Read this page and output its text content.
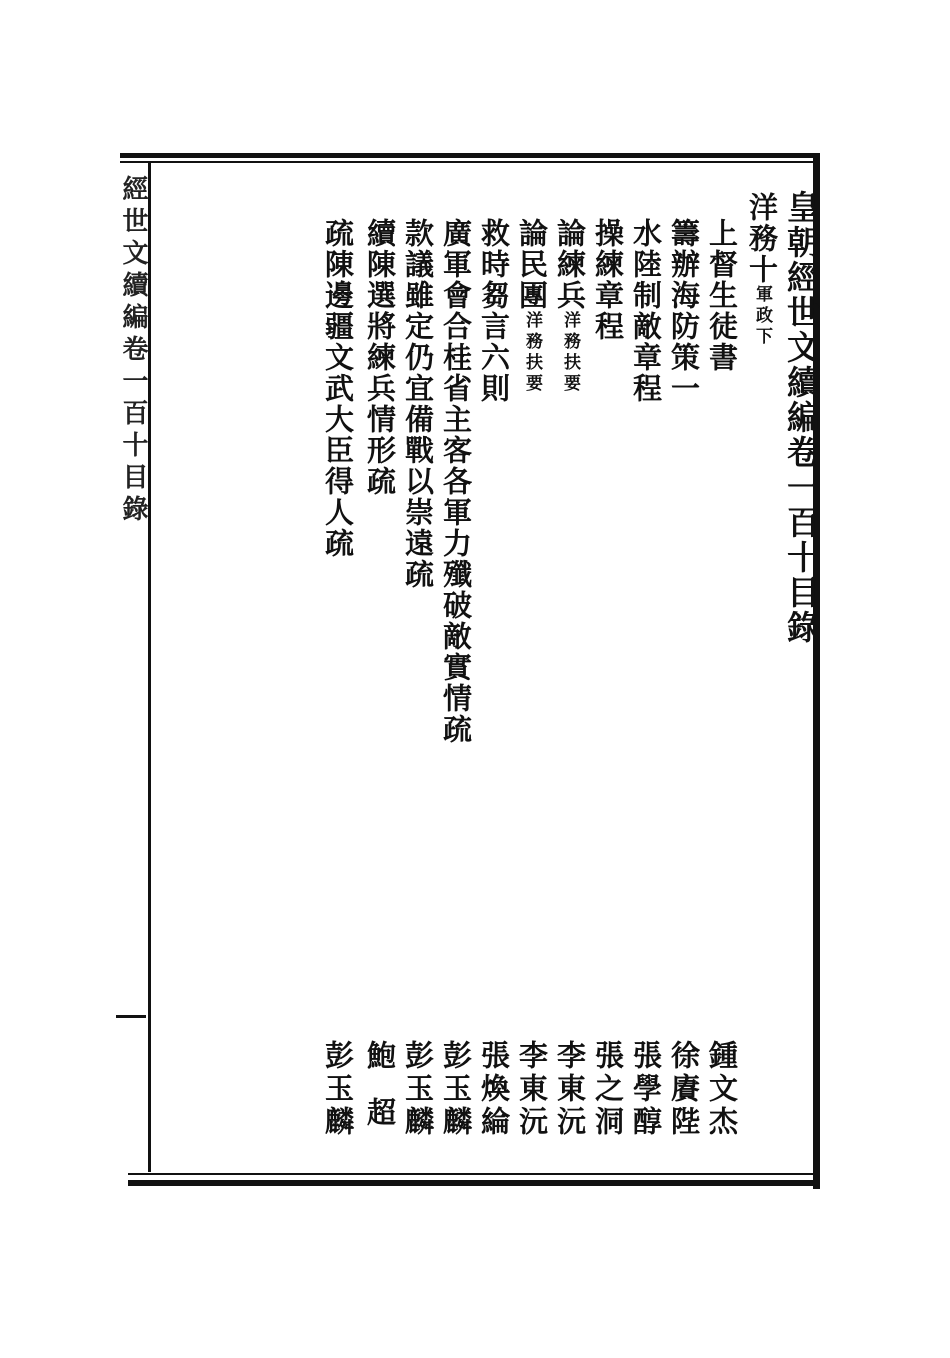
經世文續編卷一百十目錄	皇朝經世文續編卷一百十目錄
洋務十軍政下
上督生徒書
籌辦海防策一
水陸制敵章程
操練章程
論練兵洋務扶要
論民團洋務扶要
救時芻言六則
廣軍會合桂省主客各軍力殲破敵實情疏
款議雖定仍宜備戰以崇遠疏
續陳選將練兵情形疏
疏陳邊疆文武大臣得人疏
鍾文杰
徐賡陛
張學醇
張之洞
李東沅
李東沅
張煥綸
彭玉麟
彭玉麟
鮑超
彭玉麟
